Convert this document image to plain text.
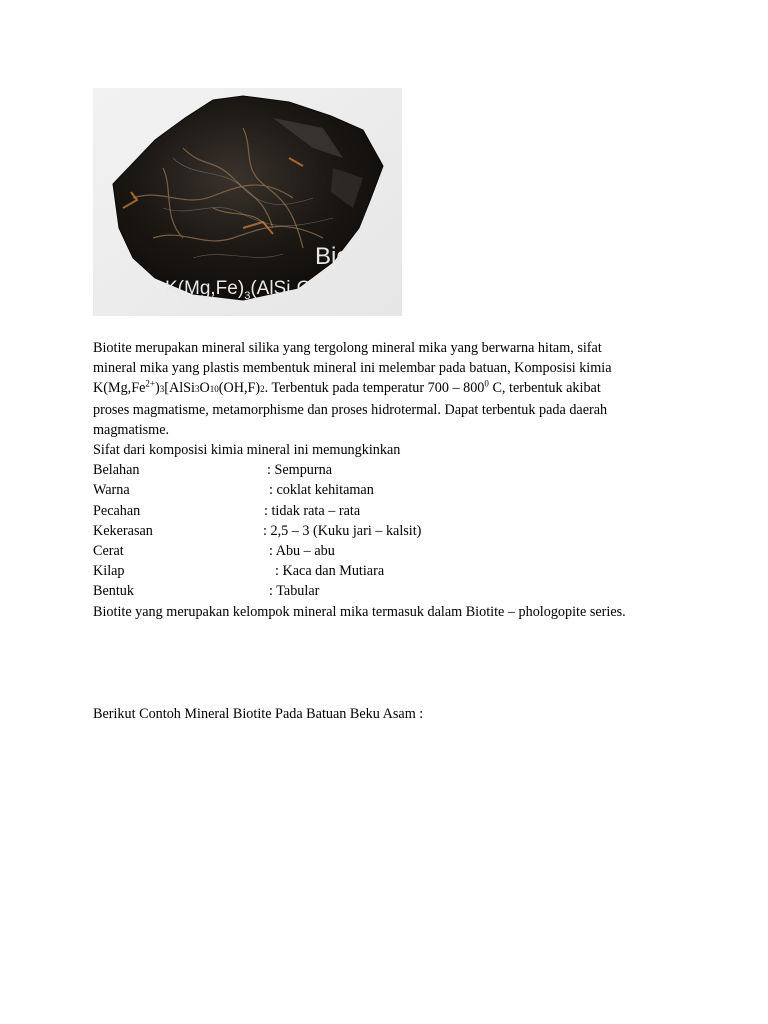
Biotite
$K(Mg,Fe)_3(AlSi_3O_{10})(OH)_2$
Biotite merupakan mineral silika yang tergolong mineral mika yang berwarna hitam, sifat
mineral mika yang plastis membentuk mineral ini melembar pada batuan, Komposisi kimia
$K(Mg,Fe^{2+})3[AlSi3O10(OH,F)2$. Terbentuk pada temperatur $700 - 800^0$ C, terbentuk akibat
proses magmatisme, metamorphisme dan proses hidrotermal. Dapat terbentuk pada daerah
magmatisme.
Sifat dari komposisi kimia mineral ini memungkinkan
Belahan	: Sempurna
Warna	: coklat kehitaman
Pecahan	: tidak rata – rata
Kekerasan	: 2,5 – 3 (Kuku jari – kalsit)
Cerat	: Abu – abu
Kilap	: Kaca dan Mutiara
Bentuk	: Tabular
Biotite yang merupakan kelompok mineral mika termasuk dalam Biotite – phologopite series.
Berikut Contoh Mineral Biotite Pada Batuan Beku Asam :
